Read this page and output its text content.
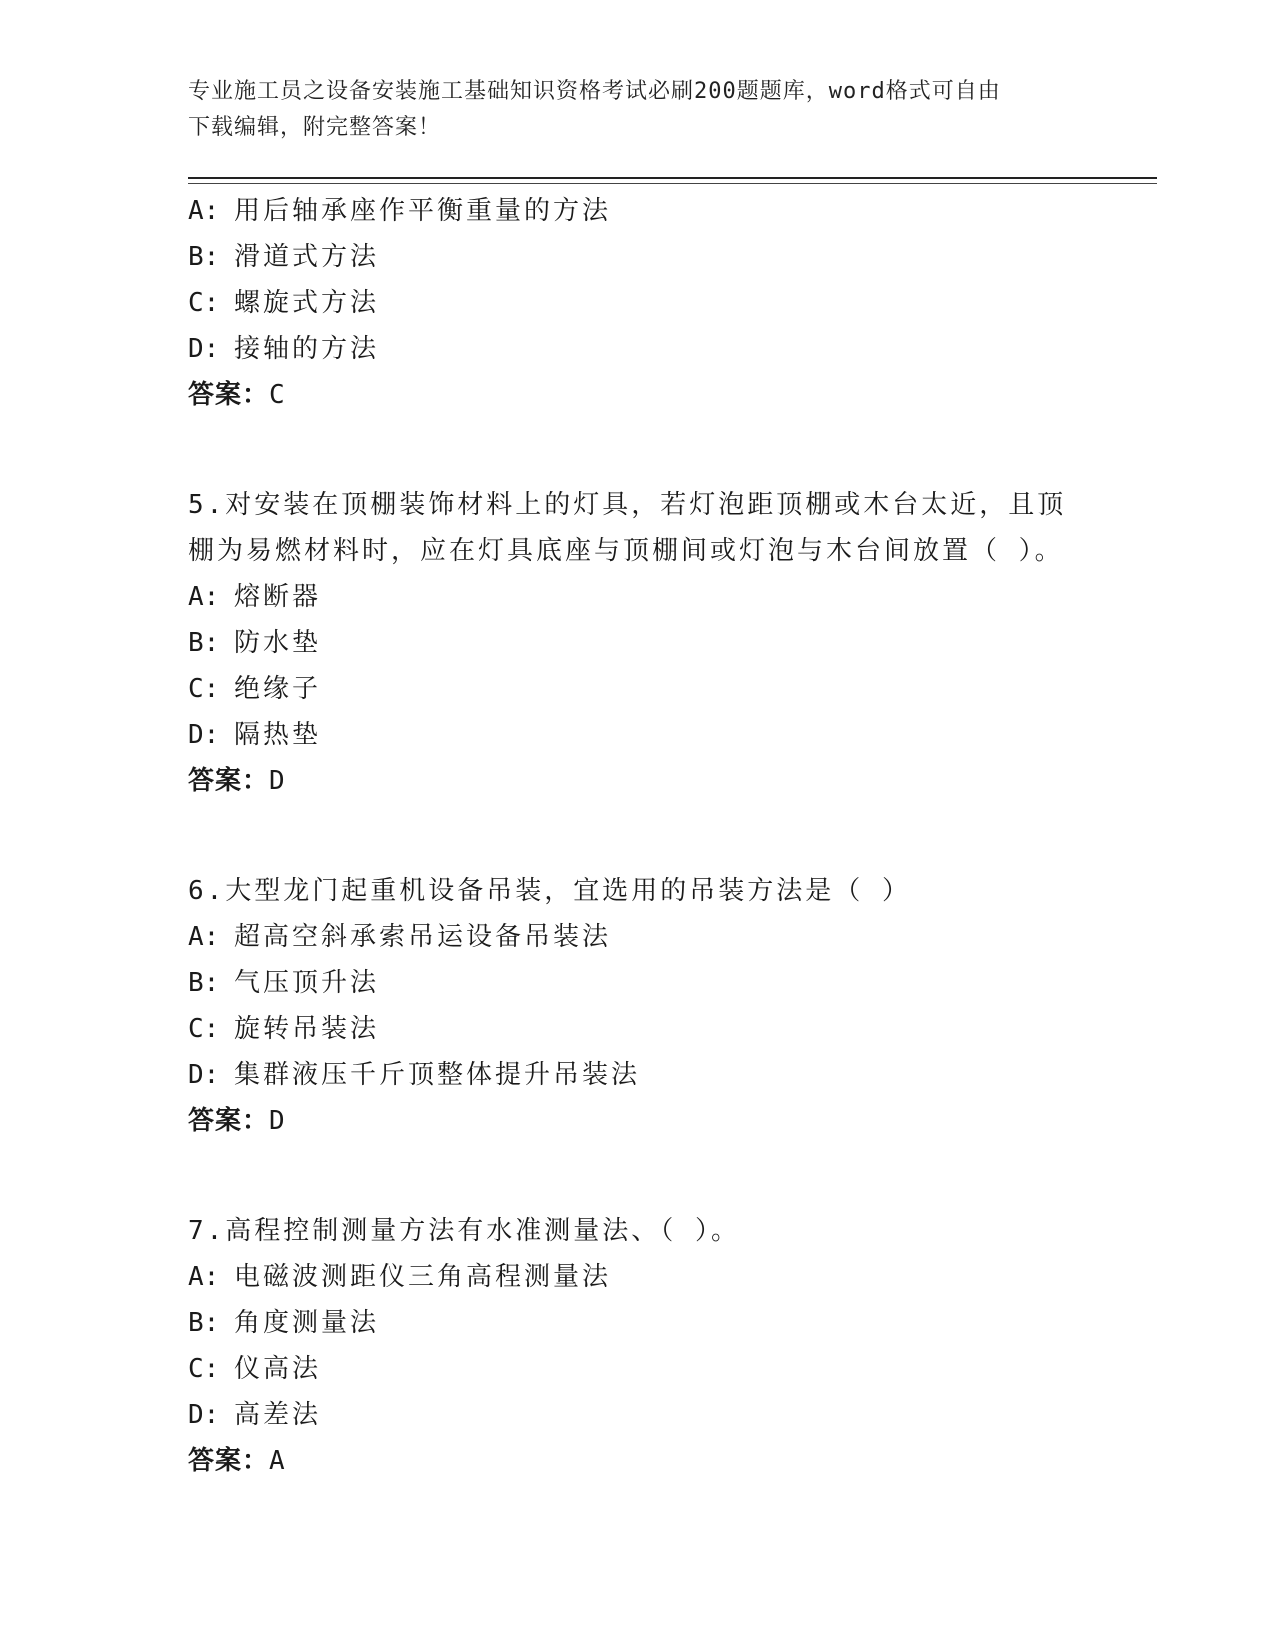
专业施工员之设备安装施工基础知识资格考试必刷200题题库，word格式可自由
下载编辑，附完整答案！
A: 用后轴承座作平衡重量的方法
B: 滑道式方法
C: 螺旋式方法
D: 接轴的方法
答案：C
5.对安装在顶棚装饰材料上的灯具，若灯泡距顶棚或木台太近，且顶
棚为易燃材料时，应在灯具底座与顶棚间或灯泡与木台间放置（ ）。
A: 熔断器
B: 防水垫
C: 绝缘子
D: 隔热垫
答案：D
6.大型龙门起重机设备吊装，宜选用的吊装方法是（ ）
A: 超高空斜承索吊运设备吊装法
B: 气压顶升法
C: 旋转吊装法
D: 集群液压千斤顶整体提升吊装法
答案：D
7.高程控制测量方法有水准测量法、（ ）。
A: 电磁波测距仪三角高程测量法
B: 角度测量法
C: 仪高法
D: 高差法
答案：A
